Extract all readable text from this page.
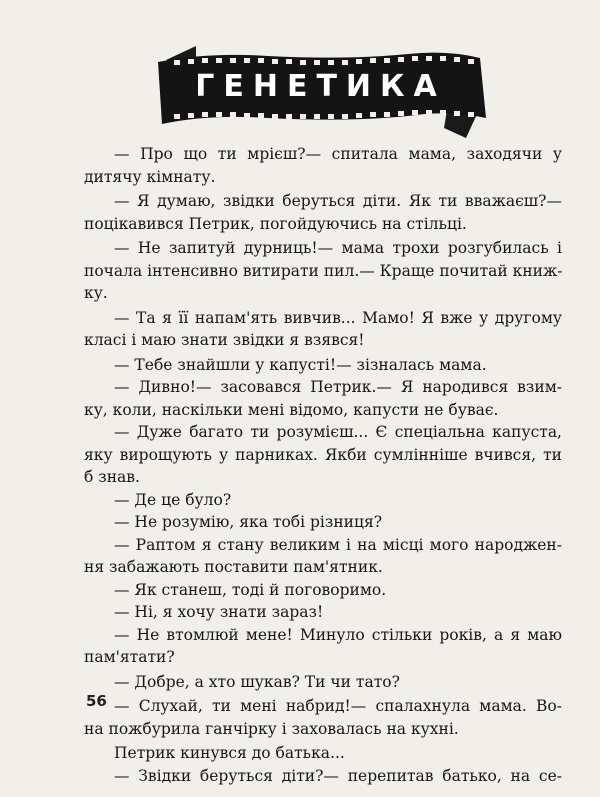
ГЕНЕТИКА
— Про що ти мрієш?— спитала мама, заходячи у
дитячу кімнату.
— Я думаю, звідки беруться діти. Як ти вважаєш?—
поцікавився Петрик, погойдуючись на стільці.
— Не запитуй дурниць!— мама трохи розгубилась і
почала інтенсивно витирати пил.— Краще почитай книж-
ку.
— Та я її напам'ять вивчив... Мамо! Я вже у другому
класі і маю знати звідки я взявся!
— Тебе знайшли у капусті!— зізналась мама.
— Дивно!— засовався Петрик.— Я народився взим-
ку, коли, наскільки мені відомо, капусти не буває.
— Дуже багато ти розумієш... Є спеціальна капуста,
яку вирощують у парниках. Якби сумлінніше вчився, ти
б знав.
— Де це було?
— Не розумію, яка тобі різниця?
— Раптом я стану великим і на місці мого народжен-
ня забажають поставити пам'ятник.
— Як станеш, тоді й поговоримо.
— Ні, я хочу знати зараз!
— Не втомлюй мене! Минуло стільки років, а я маю
пам'ятати?
— Добре, а хто шукав? Ти чи тато?
— Слухай, ти мені набрид!— спалахнула мама. Во-
на пожбурила ганчірку і заховалась на кухні.
Петрик кинувся до батька...
— Звідки беруться діти?— перепитав батько, на се-
56
